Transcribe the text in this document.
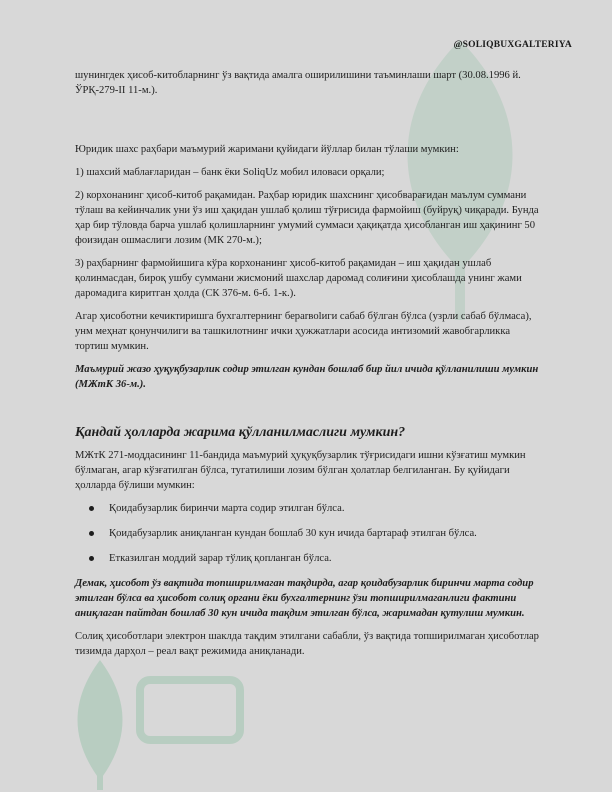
@SOLIQBUXGALTERIYA

шунингдек ҳисоб-китобларнинг ўз вақтида амалга оширилишини таъминлаши шарт (30.08.1996 й. ЎРҚ-279-II 11-м.).

Юридик шахс раҳбари маъмурий жаримани қуйидаги йўллар билан тўлаши мумкин:

1) шахсий маблағларидан – банк ёки SoliqUz мобил иловаси орқали;

2) корхонанинг ҳисоб-китоб рақамидан. Раҳбар юридик шахснинг ҳисобварағидан маълум суммани тўлаш ва кейинчалик уни ўз иш ҳақидан ушлаб қолиш тўғрисида фармойиш (буйруқ) чиқаради. Бунда ҳар бир тўловда барча ушлаб қолишларнинг умумий суммаси ҳақиқатда ҳисобланган иш ҳақининг 50 фоизидан ошмаслиги лозим (МК 270-м.);

3) раҳбарнинг фармойишига кўра корхонанинг ҳисоб-китоб рақамидан – иш ҳақидан ушлаб қолинмасдан, бироқ ушбу суммани жисмоний шахслар даромад солиғини ҳисоблашда унинг жами даромадига киритган ҳолда (СК 376-м. 6-б. 1-к.).

Агар ҳисоботни кечиктиришга бухгалтернинг беparвolиги сабаб бўлган бўлса (узрли сабаб бўлмаса), унм меҳнат қонунчилиги ва ташкилотнинг ички ҳужжатлари асосида интизомий жавобгарликка тортиш мумкин.

Маъмурий жазо ҳуқуқбузарлик содир этилган кундан бошлаб бир йил ичида қўлланилиши мумкин (МЖтК 36-м.).

Қандай ҳолларда жарима қўлланилмаслиги мумкин?

МЖтК 271-моддасининг 11-бандида маъмурий ҳуқуқбузарлик тўғрисидаги ишни кўзғатиш мумкин бўлмаган, агар кўзғатилган бўлса, тугатилиши лозим бўлган ҳолатлар белгиланган. Бу қуйидаги ҳолларда бўлиши мумкин:

Қоидабузарлик биринчи марта содир этилган бўлса.
Қоидабузарлик аниқланган кундан бошлаб 30 кун ичида бартараф этилган бўлса.
Етказилган моддий зарар тўлиқ қопланган бўлса.

Демак, ҳисобот ўз вақтида топширилмаган тақдирда, агар қоидабузарлик биринчи марта содир этилган бўлса ва ҳисобот солиқ органи ёки бухгалтернинг ўзи топширилмаганлиги фактини аниқлаган пайтдан бошлаб 30 кун ичида тақдим этилган бўлса, жаримадан қутулиш мумкин.

Солиқ ҳисоботлари электрон шаклда тақдим этилгани сабабли, ўз вақтида топширилмаган ҳисоботлар тизимда дарҳол – реал вақт режимида аниқланади.
